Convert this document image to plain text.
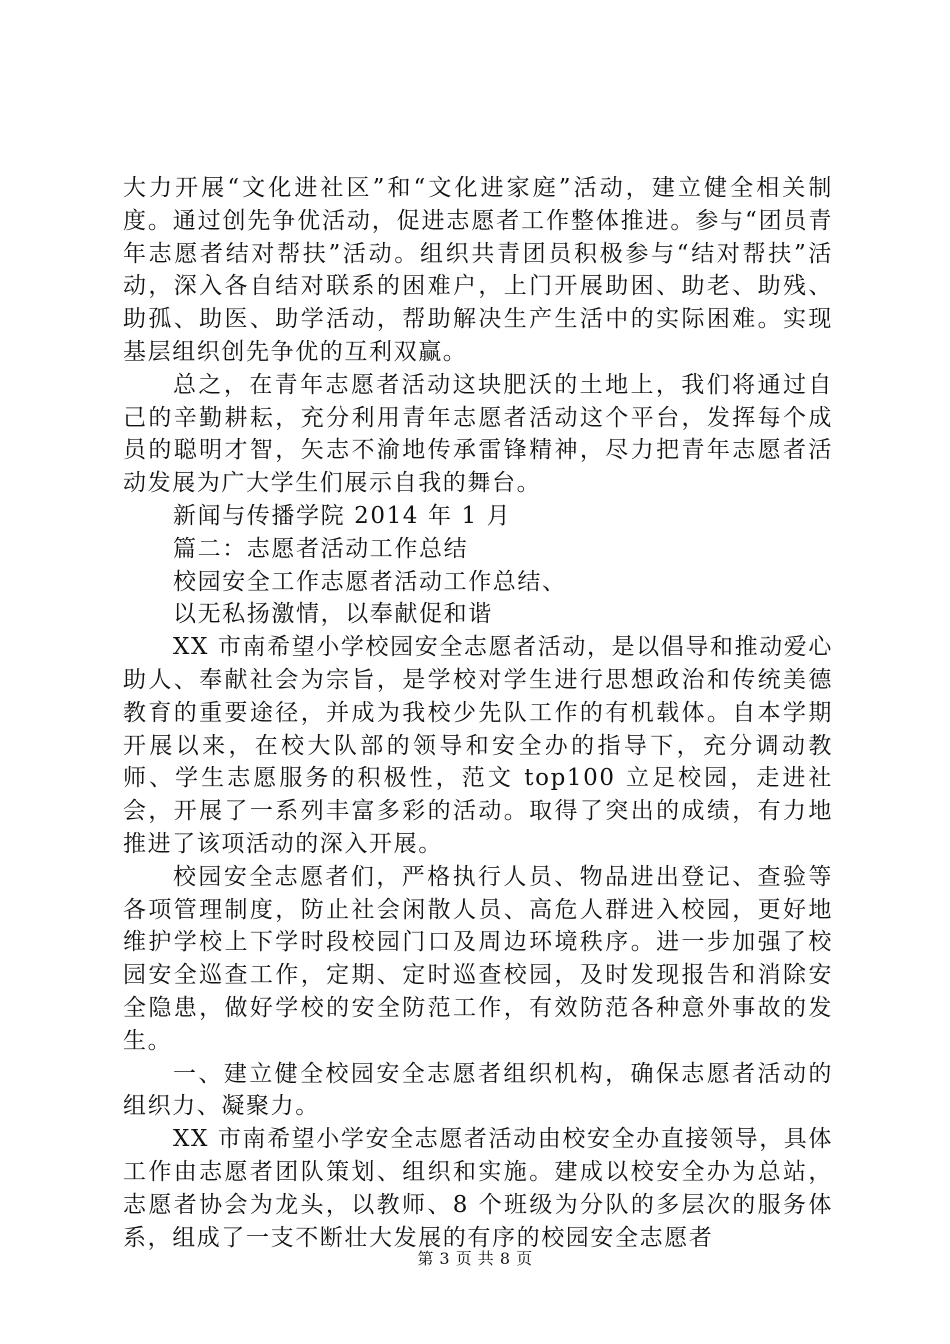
大力开展“文化进社区”和“文化进家庭”活动，建立健全相关制度。通过创先争优活动，促进志愿者工作整体推进。参与“团员青年志愿者结对帮扶”活动。组织共青团员积极参与“结对帮扶”活动，深入各自结对联系的困难户，上门开展助困、助老、助残、助孤、助医、助学活动，帮助解决生产生活中的实际困难。实现基层组织创先争优的互利双赢。

总之，在青年志愿者活动这块肥沃的土地上，我们将通过自己的辛勤耕耘，充分利用青年志愿者活动这个平台，发挥每个成员的聪明才智，矢志不渝地传承雷锋精神，尽力把青年志愿者活动发展为广大学生们展示自我的舞台。

新闻与传播学院 2014 年 1 月

篇二：志愿者活动工作总结

校园安全工作志愿者活动工作总结、

以无私扬激情，以奉献促和谐

XX 市南希望小学校园安全志愿者活动，是以倡导和推动爱心助人、奉献社会为宗旨，是学校对学生进行思想政治和传统美德教育的重要途径，并成为我校少先队工作的有机载体。自本学期开展以来，在校大队部的领导和安全办的指导下，充分调动教师、学生志愿服务的积极性，范文 top100 立足校园，走进社会，开展了一系列丰富多彩的活动。取得了突出的成绩，有力地推进了该项活动的深入开展。

校园安全志愿者们，严格执行人员、物品进出登记、查验等各项管理制度，防止社会闲散人员、高危人群进入校园，更好地维护学校上下学时段校园门口及周边环境秩序。进一步加强了校园安全巡查工作，定期、定时巡查校园，及时发现报告和消除安全隐患，做好学校的安全防范工作，有效防范各种意外事故的发生。

一、建立健全校园安全志愿者组织机构，确保志愿者活动的组织力、凝聚力。

XX 市南希望小学安全志愿者活动由校安全办直接领导，具体工作由志愿者团队策划、组织和实施。建成以校安全办为总站，志愿者协会为龙头，以教师、8 个班级为分队的多层次的服务体系，组成了一支不断壮大发展的有序的校园安全志愿者

第 3 页 共 8 页
